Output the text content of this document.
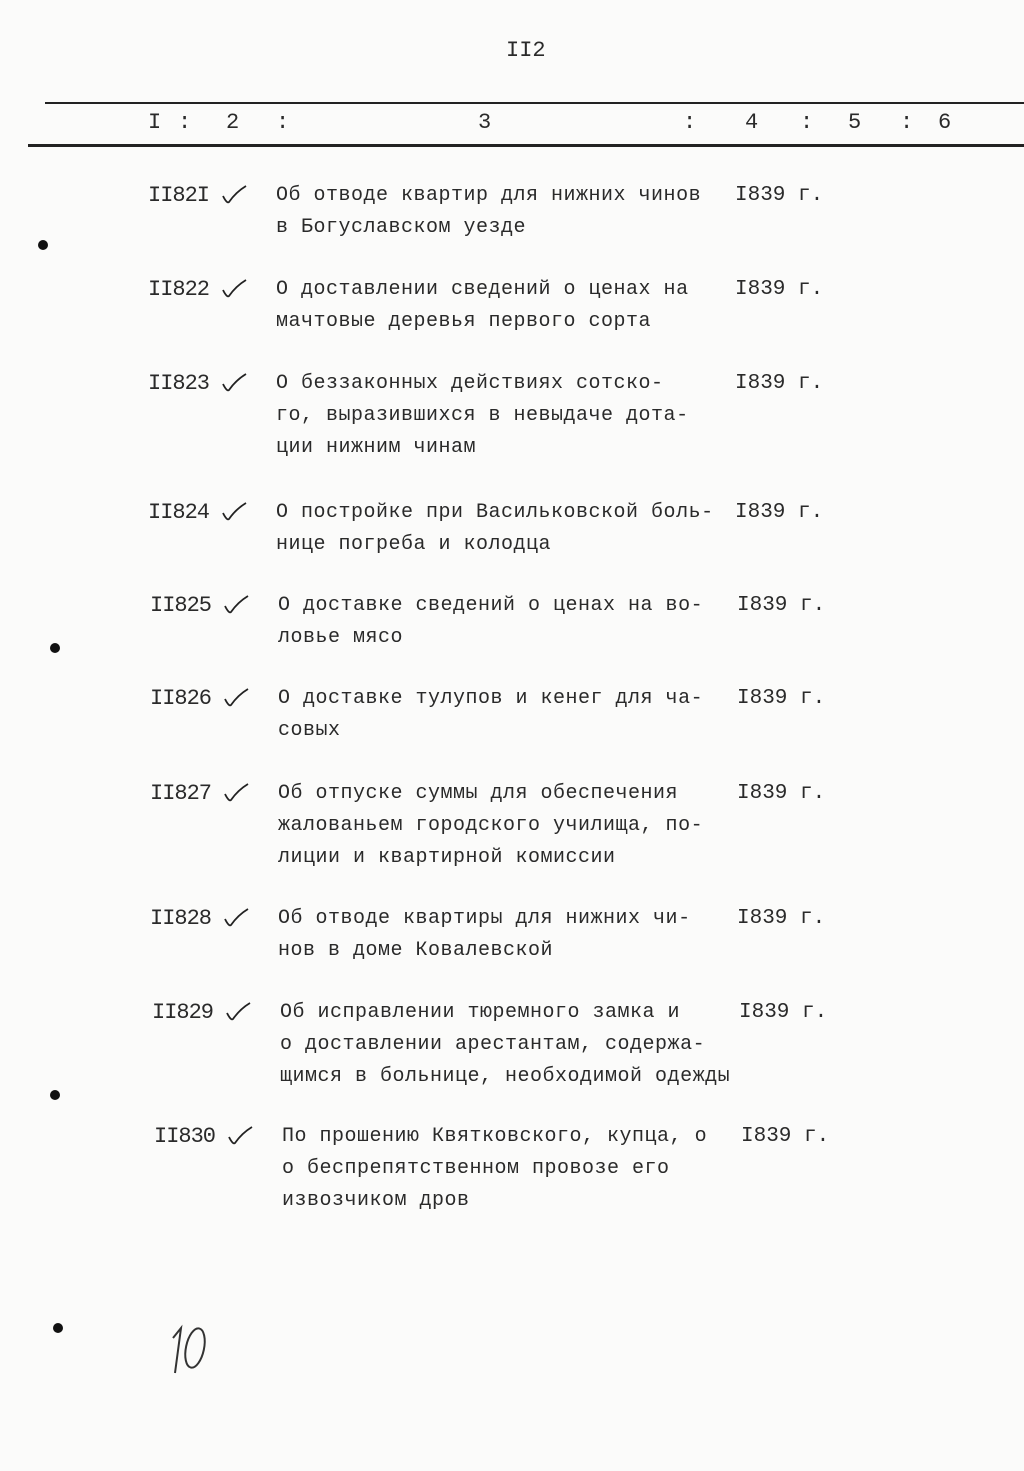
II2
I : 2 :	3	: 4 : 5 : 6
II82I	Об отводе квартир для нижних чинов
в Богуславском уезде
I839 г.
II822	О доставлении сведений о ценах на
мачтовые деревья первого сорта
I839 г.
II823	О беззаконных действиях сотско-
го, выразившихся в невыдаче дота-
ции нижним чинам
I839 г.
II824	О постройке при Васильковской боль-
нице погреба и колодца
I839 г.
II825	О доставке сведений о ценах на во-
ловье мясо
I839 г.
II826	О доставке тулупов и кенег для ча-
совых
I839 г.
II827	Об отпуске суммы для обеспечения
жалованьем городского училища, по-
лиции и квартирной комиссии
I839 г.
II828	Об отводе квартиры для нижних чи-
нов в доме Ковалевской
I839 г.
II829	Об исправлении тюремного замка и
о доставлении арестантам, содержа-
щимся в больнице, необходимой одежды
I839 г.
II830	По прошению Квятковского, купца, о
о беспрепятственном провозе его
извозчиком дров
I839 г.
